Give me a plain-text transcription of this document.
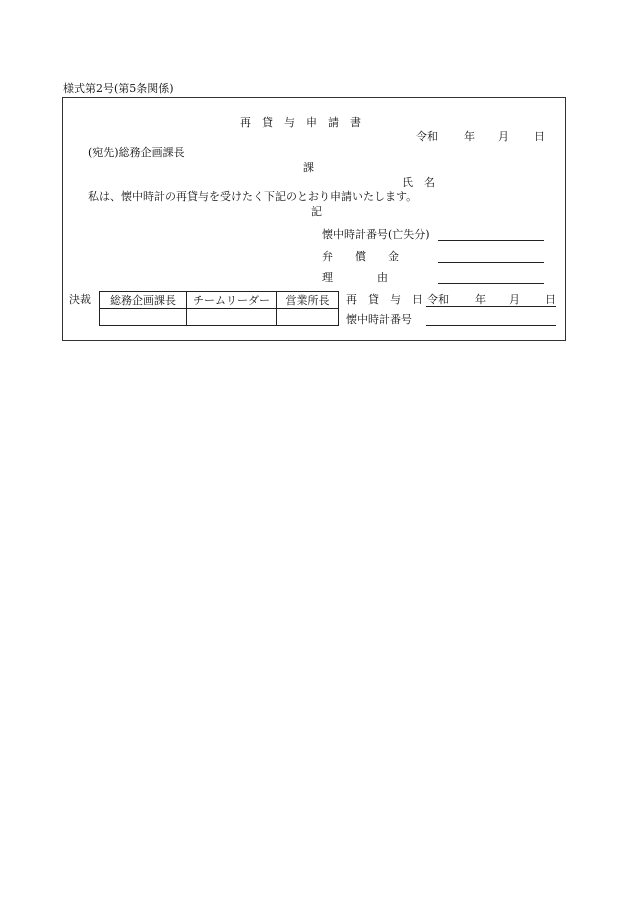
様式第2号(第5条関係)
再　貸　与　申　請　書
令和 年 月 日
(宛先)総務企画課長
課
氏　名
私は、懐中時計の再貸与を受けたく下記のとおり申請いたします。
記
懐中時計番号(亡失分)
弁　　償　　金
理　　　　由
決裁 総務企画課長	チームリーダー	営業所長
		再　貸　与　日 令和 年 月 日
懐中時計番号
